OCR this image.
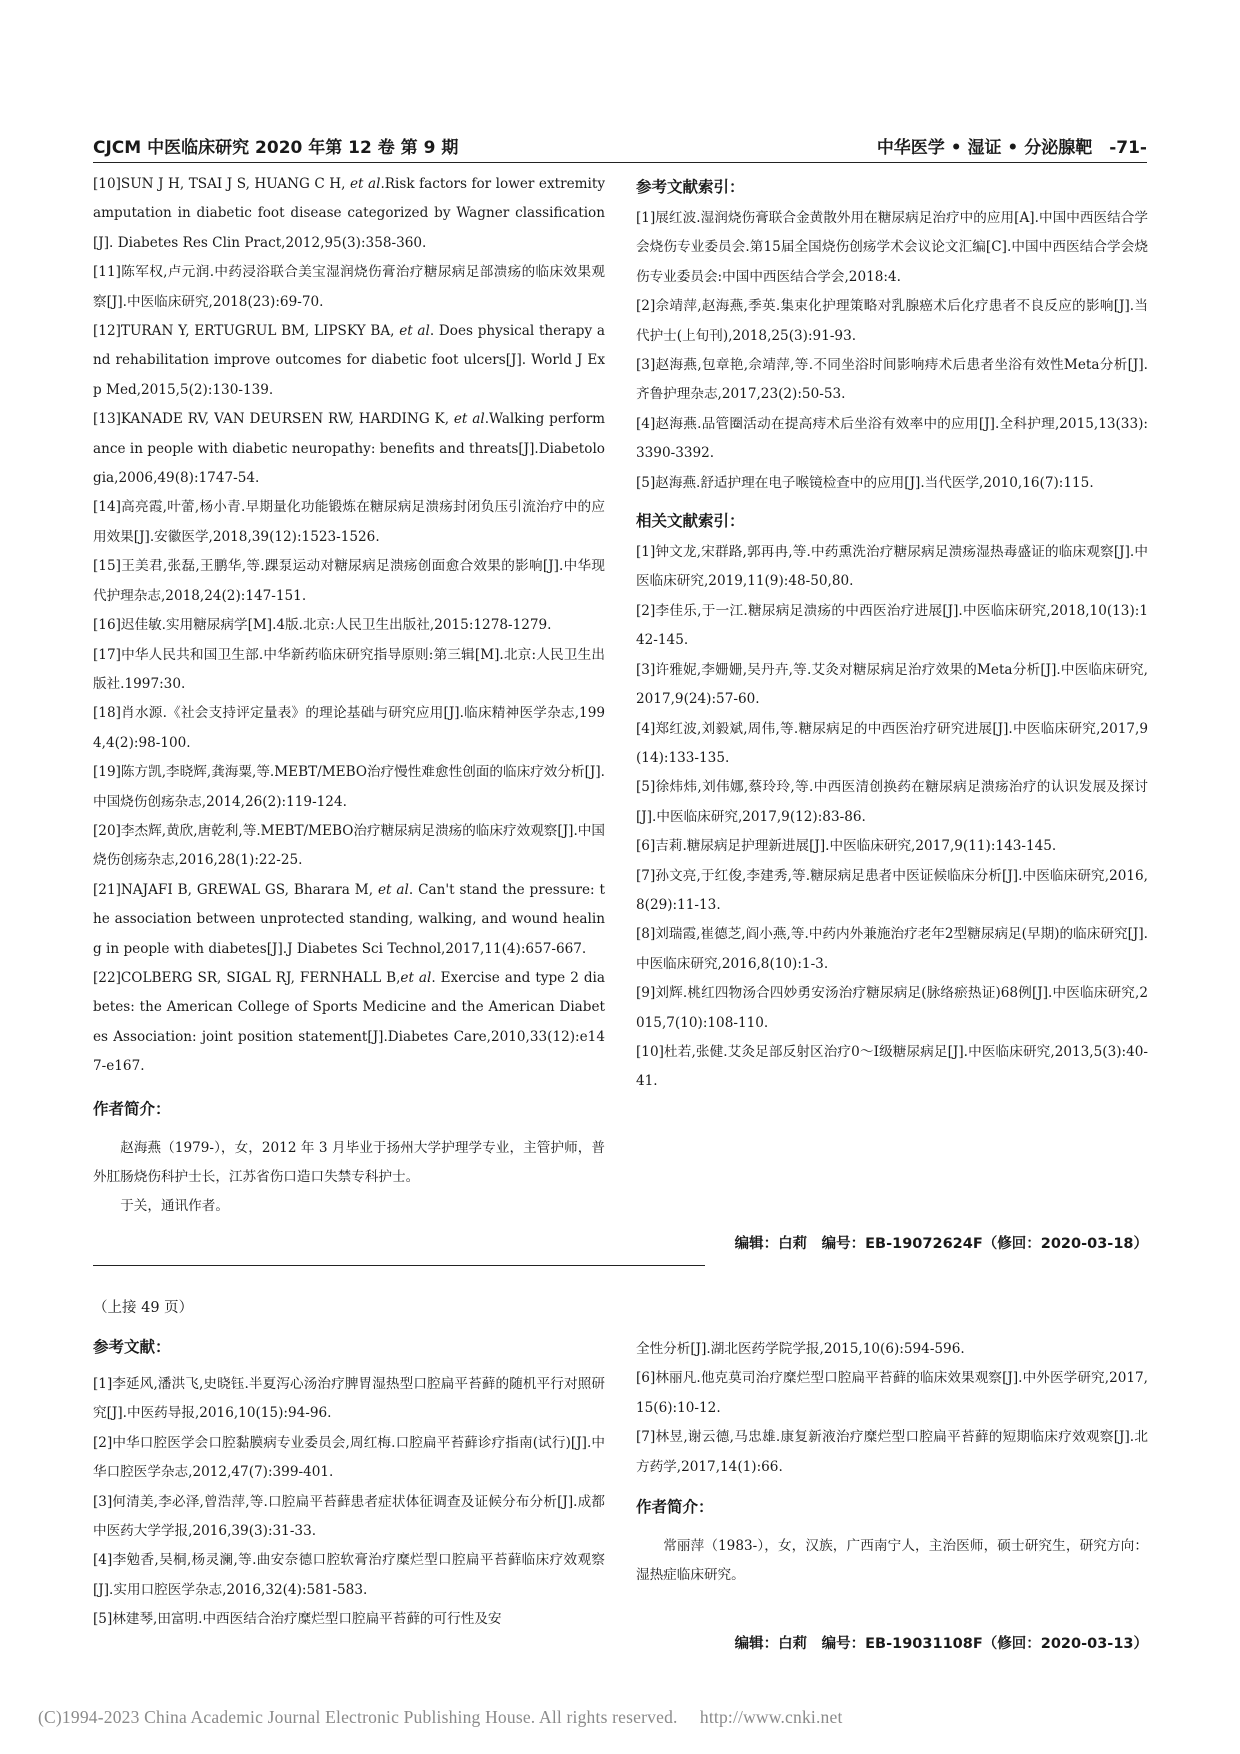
CJCM 中医临床研究 2020 年第 12 卷 第 9 期	中华医学 • 湿证 • 分泌腺靶　-71-

[10]SUN J H, TSAI J S, HUANG C H, et al.Risk factors for lower extremity amputation in diabetic foot disease categorized by Wagner classification[J]. Diabetes Res Clin Pract,2012,95(3):358-360.

[11]陈军权,卢元润.中药浸浴联合美宝湿润烧伤膏治疗糖尿病足部溃疡的临床效果观察[J].中医临床研究,2018(23):69-70.

[12]TURAN Y, ERTUGRUL BM, LIPSKY BA, et al. Does physical therapy and rehabilitation improve outcomes for diabetic foot ulcers[J]. World J Exp Med,2015,5(2):130-139.

[13]KANADE RV, VAN DEURSEN RW, HARDING K, et al.Walking performance in people with diabetic neuropathy: benefits and threats[J].Diabetologia,2006,49(8):1747-54.

[14]高亮霞,叶蕾,杨小青.早期量化功能锻炼在糖尿病足溃疡封闭负压引流治疗中的应用效果[J].安徽医学,2018,39(12):1523-1526.

[15]王美君,张磊,王鹏华,等.踝泵运动对糖尿病足溃疡创面愈合效果的影响[J].中华现代护理杂志,2018,24(2):147-151.

[16]迟佳敏.实用糖尿病学[M].4版.北京:人民卫生出版社,2015:1278-1279.

[17]中华人民共和国卫生部.中华新药临床研究指导原则:第三辑[M].北京:人民卫生出版社.1997:30.

[18]肖水源.《社会支持评定量表》的理论基础与研究应用[J].临床精神医学杂志,1994,4(2):98-100.

[19]陈方凯,李晓辉,龚海粟,等.MEBT/MEBO治疗慢性难愈性创面的临床疗效分析[J].中国烧伤创疡杂志,2014,26(2):119-124.

[20]李杰辉,黄欣,唐乾利,等.MEBT/MEBO治疗糖尿病足溃疡的临床疗效观察[J].中国烧伤创疡杂志,2016,28(1):22-25.

[21]NAJAFI B, GREWAL GS, Bharara M, et al. Can't stand the pressure: the association between unprotected standing, walking, and wound healing in people with diabetes[J].J Diabetes Sci Technol,2017,11(4):657-667.

[22]COLBERG SR, SIGAL RJ, FERNHALL B,et al. Exercise and type 2 diabetes: the American College of Sports Medicine and the American Diabetes Association: joint position statement[J].Diabetes Care,2010,33(12):e147-e167.

作者简介：

赵海燕（1979-），女，2012 年 3 月毕业于扬州大学护理学专业，主管护师，普外肛肠烧伤科护士长，江苏省伤口造口失禁专科护士。

于关，通讯作者。

参考文献索引：

[1]展红波.湿润烧伤膏联合金黄散外用在糖尿病足治疗中的应用[A].中国中西医结合学会烧伤专业委员会.第15届全国烧伤创疡学术会议论文汇编[C].中国中西医结合学会烧伤专业委员会:中国中西医结合学会,2018:4.

[2]佘靖萍,赵海燕,季英.集束化护理策略对乳腺癌术后化疗患者不良反应的影响[J].当代护士(上旬刊),2018,25(3):91-93.

[3]赵海燕,包章艳,佘靖萍,等.不同坐浴时间影响痔术后患者坐浴有效性Meta分析[J].齐鲁护理杂志,2017,23(2):50-53.

[4]赵海燕.品管圈活动在提高痔术后坐浴有效率中的应用[J].全科护理,2015,13(33):3390-3392.

[5]赵海燕.舒适护理在电子喉镜检查中的应用[J].当代医学,2010,16(7):115.

相关文献索引：

[1]钟文龙,宋群路,郭再冉,等.中药熏洗治疗糖尿病足溃疡湿热毒盛证的临床观察[J].中医临床研究,2019,11(9):48-50,80.

[2]李佳乐,于一江.糖尿病足溃疡的中西医治疗进展[J].中医临床研究,2018,10(13):142-145.

[3]许雅妮,李姗姗,吴丹卉,等.艾灸对糖尿病足治疗效果的Meta分析[J].中医临床研究,2017,9(24):57-60.

[4]郑红波,刘毅斌,周伟,等.糖尿病足的中西医治疗研究进展[J].中医临床研究,2017,9(14):133-135.

[5]徐炜炜,刘伟娜,蔡玲玲,等.中西医清创换药在糖尿病足溃疡治疗的认识发展及探讨[J].中医临床研究,2017,9(12):83-86.

[6]吉莉.糖尿病足护理新进展[J].中医临床研究,2017,9(11):143-145.

[7]孙文亮,于红俊,李建秀,等.糖尿病足患者中医证候临床分析[J].中医临床研究,2016,8(29):11-13.

[8]刘瑞霞,崔德芝,阎小燕,等.中药内外兼施治疗老年2型糖尿病足(早期)的临床研究[J].中医临床研究,2016,8(10):1-3.

[9]刘辉.桃红四物汤合四妙勇安汤治疗糖尿病足(脉络瘀热证)68例[J].中医临床研究,2015,7(10):108-110.

[10]杜若,张健.艾灸足部反射区治疗0～Ⅰ级糖尿病足[J].中医临床研究,2013,5(3):40-41.

编辑：白莉　编号：EB-19072624F（修回：2020-03-18）
（上接 49 页）

参考文献：

[1]李延风,潘洪飞,史晓钰.半夏泻心汤治疗脾胃湿热型口腔扁平苔藓的随机平行对照研究[J].中医药导报,2016,10(15):94-96.

[2]中华口腔医学会口腔黏膜病专业委员会,周红梅.口腔扁平苔藓诊疗指南(试行)[J].中华口腔医学杂志,2012,47(7):399-401.

[3]何清美,李必泽,曾浩萍,等.口腔扁平苔藓患者症状体征调查及证候分布分析[J].成都中医药大学学报,2016,39(3):31-33.

[4]李勉香,吴桐,杨灵澜,等.曲安奈德口腔软膏治疗糜烂型口腔扁平苔藓临床疗效观察[J].实用口腔医学杂志,2016,32(4):581-583.

[5]林建琴,田富明.中西医结合治疗糜烂型口腔扁平苔藓的可行性及安

全性分析[J].湖北医药学院学报,2015,10(6):594-596.

[6]林丽凡.他克莫司治疗糜烂型口腔扁平苔藓的临床效果观察[J].中外医学研究,2017,15(6):10-12.

[7]林昱,谢云德,马忠雄.康复新液治疗糜烂型口腔扁平苔藓的短期临床疗效观察[J].北方药学,2017,14(1):66.

作者简介：

常丽萍（1983-），女，汉族，广西南宁人，主治医师，硕士研究生，研究方向：湿热症临床研究。

编辑：白莉　编号：EB-19031108F（修回：2020-03-13）
(C)1994-2023 China Academic Journal Electronic Publishing House. All rights reserved.　 http://www.cnki.net
